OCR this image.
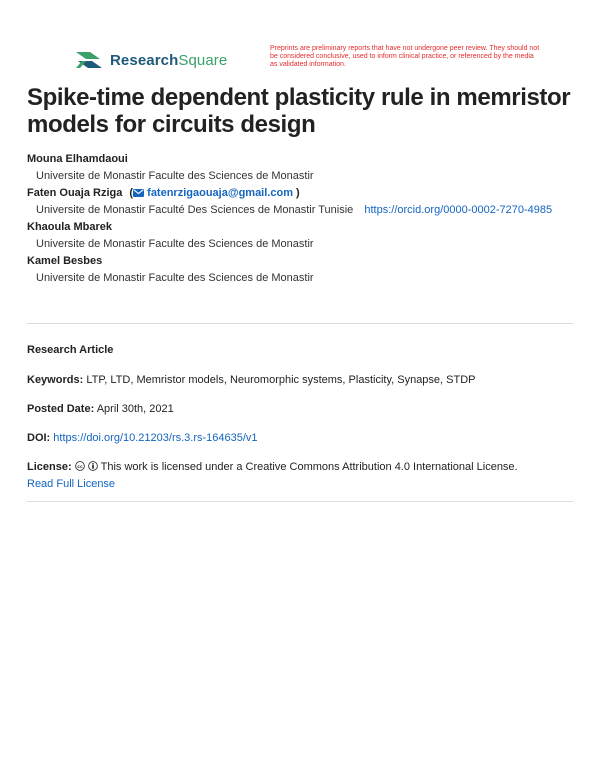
ResearchSquare
Preprints are preliminary reports that have not undergone peer review. They should not be considered conclusive, used to inform clinical practice, or referenced by the media as validated information.
Spike-time dependent plasticity rule in memristor models for circuits design
Mouna Elhamdaoui
Universite de Monastir Faculte des Sciences de Monastir
Faten Ouaja Rziga ( fatenrzigaouaja@gmail.com )
Universite de Monastir Faculté Des Sciences de Monastir Tunisie https://orcid.org/0000-0002-7270-4985
Khaoula Mbarek
Universite de Monastir Faculte des Sciences de Monastir
Kamel Besbes
Universite de Monastir Faculte des Sciences de Monastir
Research Article
Keywords: LTP, LTD, Memristor models, Neuromorphic systems, Plasticity, Synapse, STDP
Posted Date: April 30th, 2021
DOI: https://doi.org/10.21203/rs.3.rs-164635/v1
License: cc This work is licensed under a Creative Commons Attribution 4.0 International License.
Read Full License
